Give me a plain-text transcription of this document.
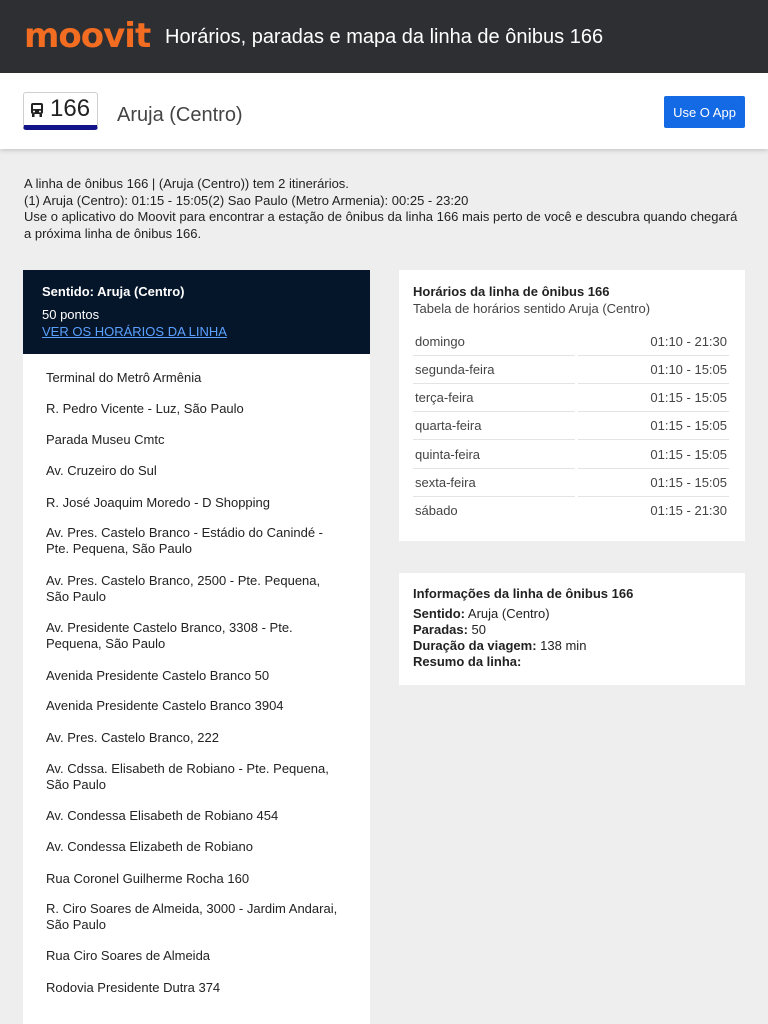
moovit Horários, paradas e mapa da linha de ônibus 166
166 Aruja (Centro)	Use O App
A linha de ônibus 166 | (Aruja (Centro)) tem 2 itinerários.
(1) Aruja (Centro): 01:15 - 15:05(2) Sao Paulo (Metro Armenia): 00:25 - 23:20
Use o aplicativo do Moovit para encontrar a estação de ônibus da linha 166 mais perto de você e descubra quando chegará a próxima linha de ônibus 166.
Sentido: Aruja (Centro)
50 pontos
VER OS HORÁRIOS DA LINHA
Terminal do Metrô Armênia
R. Pedro Vicente - Luz, São Paulo
Parada Museu Cmtc
Av. Cruzeiro do Sul
R. José Joaquim Moredo - D Shopping
Av. Pres. Castelo Branco - Estádio do Canindé - Pte. Pequena, São Paulo
Av. Pres. Castelo Branco, 2500 - Pte. Pequena, São Paulo
Av. Presidente Castelo Branco, 3308 - Pte. Pequena, São Paulo
Avenida Presidente Castelo Branco 50
Avenida Presidente Castelo Branco 3904
Av. Pres. Castelo Branco, 222
Av. Cdssa. Elisabeth de Robiano - Pte. Pequena, São Paulo
Av. Condessa Elisabeth de Robiano 454
Av. Condessa Elizabeth de Robiano
Rua Coronel Guilherme Rocha 160
R. Ciro Soares de Almeida, 3000 - Jardim Andarai, São Paulo
Rua Ciro Soares de Almeida
Rodovia Presidente Dutra 374
Horários da linha de ônibus 166
Tabela de horários sentido Aruja (Centro)
domingo	01:10 - 21:30
segunda-feira	01:10 - 15:05
terça-feira	01:15 - 15:05
quarta-feira	01:15 - 15:05
quinta-feira	01:15 - 15:05
sexta-feira	01:15 - 15:05
sábado	01:15 - 21:30
Informações da linha de ônibus 166
Sentido: Aruja (Centro)
Paradas: 50
Duração da viagem: 138 min
Resumo da linha:
